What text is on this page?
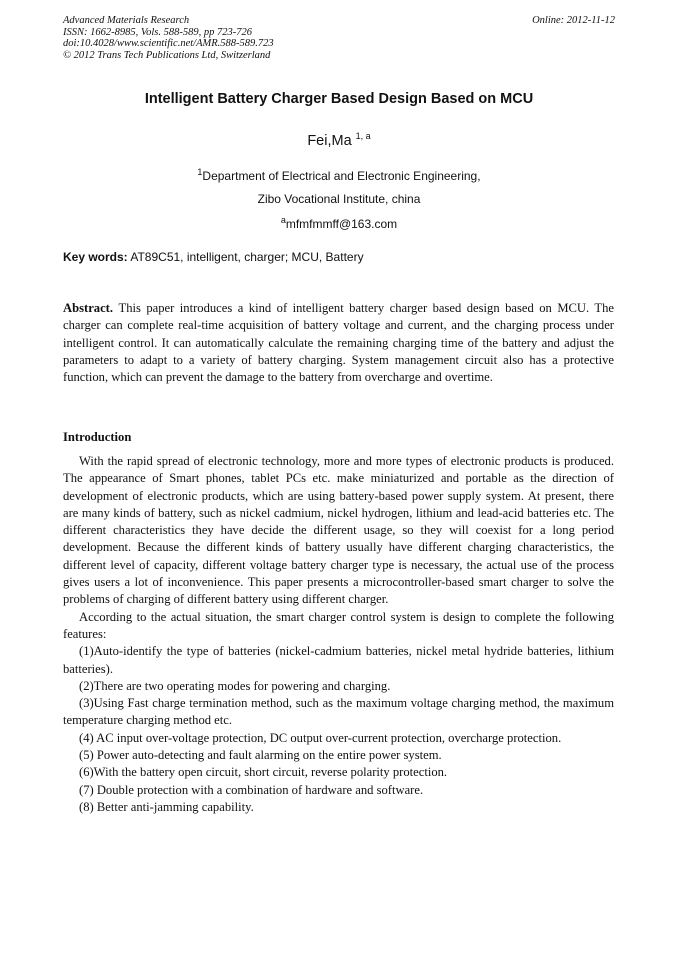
Advanced Materials Research
ISSN: 1662-8985, Vols. 588-589, pp 723-726
doi:10.4028/www.scientific.net/AMR.588-589.723
© 2012 Trans Tech Publications Ltd, Switzerland
Online: 2012-11-12
Intelligent Battery Charger Based Design Based on MCU
Fei,Ma $^{1, a}$
$^1$Department of Electrical and Electronic Engineering,
Zibo Vocational Institute, china
$^a$mfmfmmff@163.com
Key words: AT89C51, intelligent, charger; MCU, Battery

Abstract. This paper introduces a kind of intelligent battery charger based design based on MCU. The charger can complete real-time acquisition of battery voltage and current, and the charging process under intelligent control. It can automatically calculate the remaining charging time of the battery and adjust the parameters to adapt to a variety of battery charging. System management circuit also has a protective function, which can prevent the damage to the battery from overcharge and overtime.

Introduction

With the rapid spread of electronic technology, more and more types of electronic products is produced. The appearance of Smart phones, tablet PCs etc. make miniaturized and portable as the direction of development of electronic products, which are using battery-based power supply system. At present, there are many kinds of battery, such as nickel cadmium, nickel hydrogen, lithium and lead-acid batteries etc. The different characteristics they have decide the different usage, so they will coexist for a long period development. Because the different kinds of battery usually have different charging characteristics, the different level of capacity, different voltage battery charger type is necessary, the actual use of the process gives users a lot of inconvenience. This paper presents a microcontroller-based smart charger to solve the problems of charging of different battery using different charger.

According to the actual situation, the smart charger control system is design to complete the following features:

(1)Auto-identify the type of batteries (nickel-cadmium batteries, nickel metal hydride batteries, lithium batteries).

(2)There are two operating modes for powering and charging.

(3)Using Fast charge termination method, such as the maximum voltage charging method, the maximum temperature charging method etc.

(4) AC input over-voltage protection, DC output over-current protection, overcharge protection.

(5) Power auto-detecting and fault alarming on the entire power system.

(6)With the battery open circuit, short circuit, reverse polarity protection.

(7) Double protection with a combination of hardware and software.

(8) Better anti-jamming capability.
